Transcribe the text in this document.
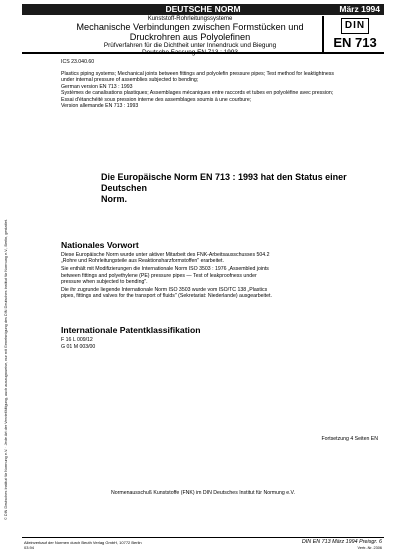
DEUTSCHE NORM	März 1994
Kunststoff-Rohrleitungssysteme
Mechanische Verbindungen zwischen Formstücken und
Druckrohren aus Polyolefinen
Prüfverfahren für die Dichtheit unter Innendruck und Biegung
DIN
EN 713
ICS 23.040.60
Plastics piping systems; Mechanical joints between fittings and polyolefin pressure pipes; Test method for leaktightness
under internal pressure of assemblies subjected to bending;
German version EN 713 : 1993
Systèmes de canalisations plastiques; Assemblages mécaniques entre raccords et tubes en polyoléfine avec pression;
Essai d'étanchéité sous pression interne des assemblages soumis à une courbure;
Version allemande EN 713 : 1993
Die Europäische Norm EN 713 : 1993 hat den Status einer Deutschen
Norm.
Nationales Vorwort

Diese Europäische Norm wurde unter aktiver Mitarbeit des FNK-Arbeitsausschusses 504.2
„Rohre und Rohrleitungsteile aus Reaktionsharzformstoffen" erarbeitet.

Sie enthält mit Modifizierungen die Internationale Norm ISO 3503 : 1976 „Assembled joints
between fittings and polyethylene (PE) pressure pipes — Test of leakproofness under
pressure when subjected to bending".

Die ihr zugrunde liegende Internationale Norm ISO 3503 wurde vom ISO/TC 138 „Plastics
pipes, fittings and valves for the transport of fluids" (Sekretariat: Niederlande) ausgearbeitet.

Internationale Patentklassifikation
F 16 L 009/12
G 01 M 003/00
Fortsetzung 4 Seiten EN
Normenausschuß Kunststoffe (FNK) im DIN Deutsches Institut für Normung e.V.
Alleinverkauf der Normen durch Beuth Verlag GmbH, 10772 Berlin
03.94
DIN EN 713 März 1994 Preisgr. 6
Vertr.-Nr. 2306
© DIN Deutsches Institut für Normung e.V. · Jede Art der Vervielfältigung, auch auszugsweise, nur mit Genehmigung des DIN Deutsches Institut für Normung e.V., Berlin, gestattet.
